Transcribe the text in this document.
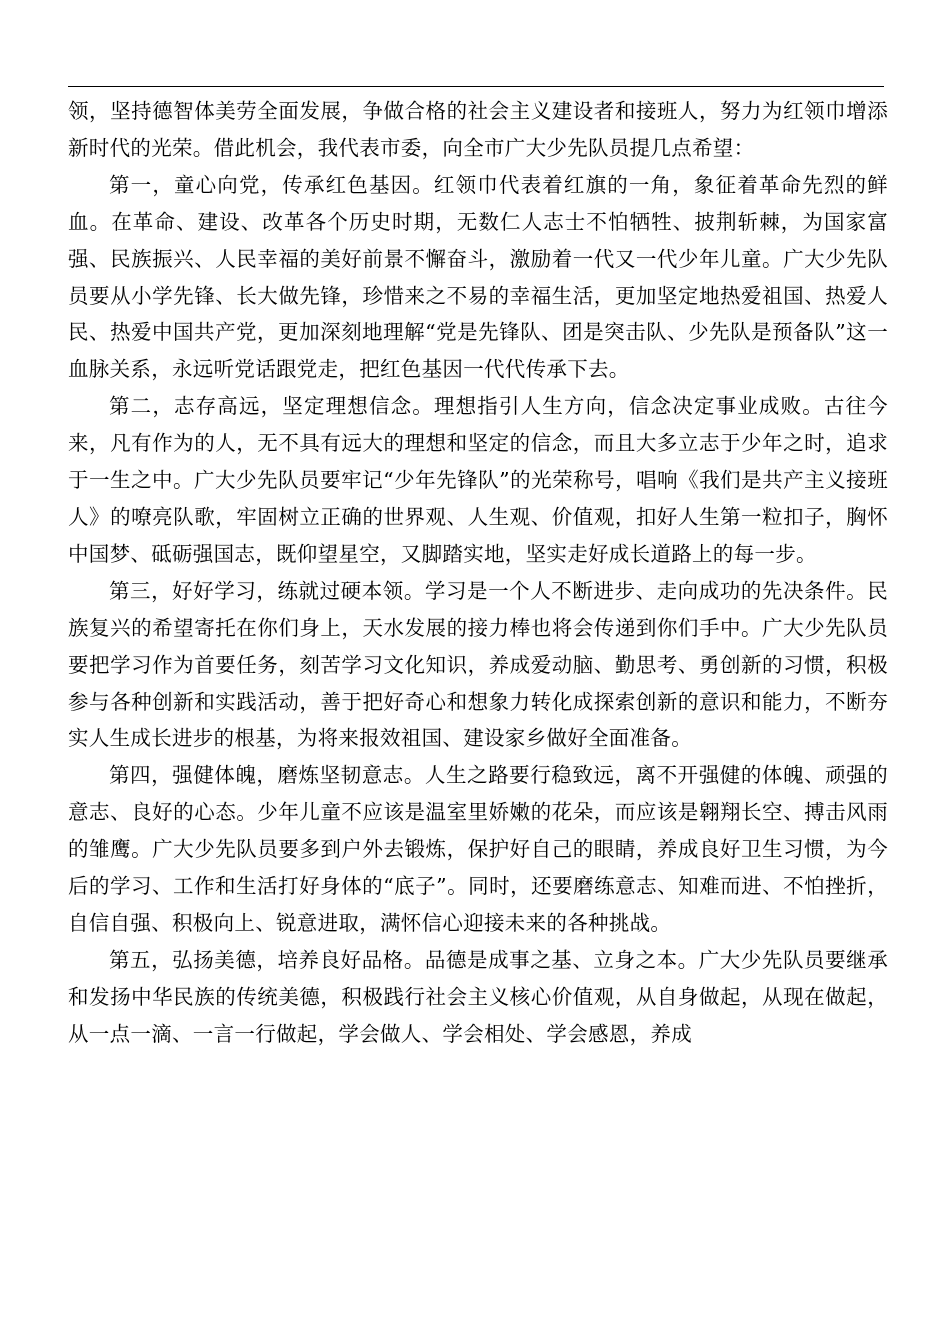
领，坚持德智体美劳全面发展，争做合格的社会主义建设者和接班人，努力为红领巾增添新时代的光荣。借此机会，我代表市委，向全市广大少先队员提几点希望：

第一，童心向党，传承红色基因。红领巾代表着红旗的一角，象征着革命先烈的鲜血。在革命、建设、改革各个历史时期，无数仁人志士不怕牺牲、披荆斩棘，为国家富强、民族振兴、人民幸福的美好前景不懈奋斗，激励着一代又一代少年儿童。广大少先队员要从小学先锋、长大做先锋，珍惜来之不易的幸福生活，更加坚定地热爱祖国、热爱人民、热爱中国共产党，更加深刻地理解“党是先锋队、团是突击队、少先队是预备队”这一血脉关系，永远听党话跟党走，把红色基因一代代传承下去。

第二，志存高远，坚定理想信念。理想指引人生方向，信念决定事业成败。古往今来，凡有作为的人，无不具有远大的理想和坚定的信念，而且大多立志于少年之时，追求于一生之中。广大少先队员要牢记“少年先锋队”的光荣称号，唱响《我们是共产主义接班人》的嘹亮队歌，牢固树立正确的世界观、人生观、价值观，扣好人生第一粒扣子，胸怀中国梦、砥砺强国志，既仰望星空，又脚踏实地，坚实走好成长道路上的每一步。

第三，好好学习，练就过硬本领。学习是一个人不断进步、走向成功的先决条件。民族复兴的希望寄托在你们身上，天水发展的接力棒也将会传递到你们手中。广大少先队员要把学习作为首要任务，刻苦学习文化知识，养成爱动脑、勤思考、勇创新的习惯，积极参与各种创新和实践活动，善于把好奇心和想象力转化成探索创新的意识和能力，不断夯实人生成长进步的根基，为将来报效祖国、建设家乡做好全面准备。

第四，强健体魄，磨炼坚韧意志。人生之路要行稳致远，离不开强健的体魄、顽强的意志、良好的心态。少年儿童不应该是温室里娇嫩的花朵，而应该是翱翔长空、搏击风雨的雏鹰。广大少先队员要多到户外去锻炼，保护好自己的眼睛，养成良好卫生习惯，为今后的学习、工作和生活打好身体的“底子”。同时，还要磨练意志、知难而进、不怕挫折，自信自强、积极向上、锐意进取，满怀信心迎接未来的各种挑战。

第五，弘扬美德，培养良好品格。品德是成事之基、立身之本。广大少先队员要继承和发扬中华民族的传统美德，积极践行社会主义核心价值观，从自身做起，从现在做起，从一点一滴、一言一行做起，学会做人、学会相处、学会感恩，养成
